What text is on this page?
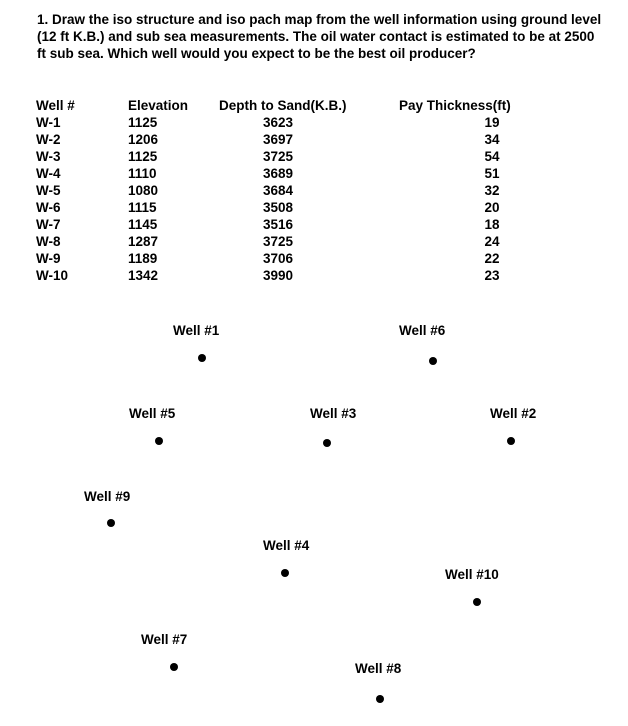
1. Draw the iso structure and iso pach map from the well information using ground level (12 ft K.B.) and sub sea measurements. The oil water contact is estimated to be at 2500 ft sub sea. Which well would you expect to be the best oil producer?
Well #	Elevation	Depth to Sand(K.B.)	Pay Thickness(ft)
W-1	1125	3623	19
W-2	1206	3697	34
W-3	1125	3725	54
W-4	1110	3689	51
W-5	1080	3684	32
W-6	1115	3508	20
W-7	1145	3516	18
W-8	1287	3725	24
W-9	1189	3706	22
W-10	1342	3990	23
Well #1	Well #6
Well #5	Well #3	Well #2
Well #9
Well #4
Well #10
Well #7
Well #8
